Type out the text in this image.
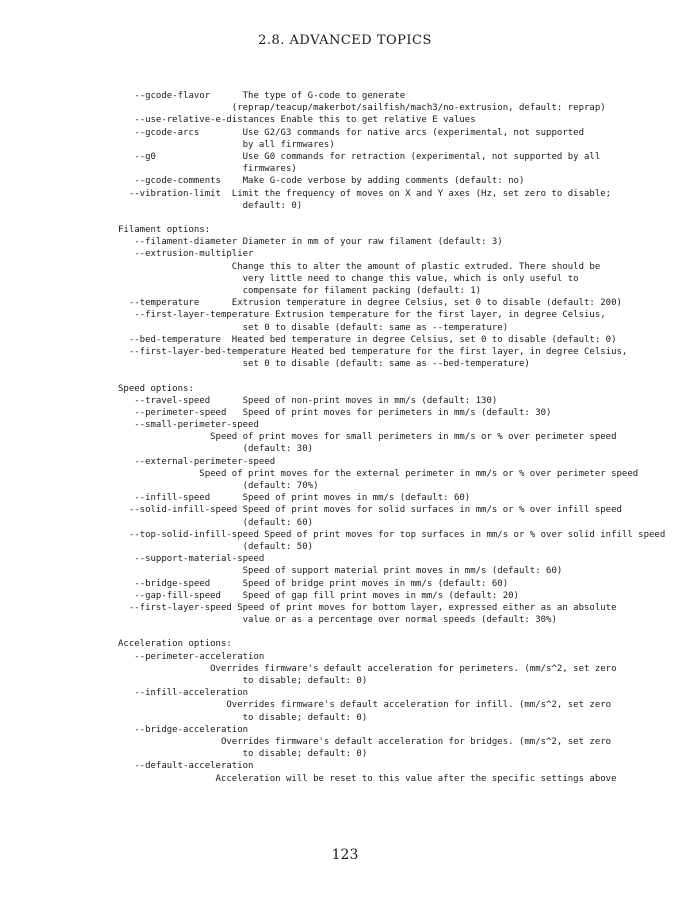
2.8. ADVANCED TOPICS
--gcode-flavor      The type of G-code to generate
(reprap/teacup/makerbot/sailfish/mach3/no-extrusion, default: reprap)
--use-relative-e-distances Enable this to get relative E values
--gcode-arcs        Use G2/G3 commands for native arcs (experimental, not supported
by all firmwares)
--g0                Use G0 commands for retraction (experimental, not supported by all
firmwares)
--gcode-comments    Make G-code verbose by adding comments (default: no)
--vibration-limit  Limit the frequency of moves on X and Y axes (Hz, set zero to disable;
default: 0)
Filament options:
--filament-diameter Diameter in mm of your raw filament (default: 3)
--extrusion-multiplier
Change this to alter the amount of plastic extruded. There should be
very little need to change this value, which is only useful to
compensate for filament packing (default: 1)
--temperature      Extrusion temperature in degree Celsius, set 0 to disable (default: 200)
--first-layer-temperature Extrusion temperature for the first layer, in degree Celsius,
set 0 to disable (default: same as --temperature)
--bed-temperature  Heated bed temperature in degree Celsius, set 0 to disable (default: 0)
--first-layer-bed-temperature Heated bed temperature for the first layer, in degree Celsius,
set 0 to disable (default: same as --bed-temperature)
Speed options:
--travel-speed      Speed of non-print moves in mm/s (default: 130)
--perimeter-speed   Speed of print moves for perimeters in mm/s (default: 30)
--small-perimeter-speed
Speed of print moves for small perimeters in mm/s or % over perimeter speed
(default: 30)
--external-perimeter-speed
Speed of print moves for the external perimeter in mm/s or % over perimeter speed
(default: 70%)
--infill-speed      Speed of print moves in mm/s (default: 60)
--solid-infill-speed Speed of print moves for solid surfaces in mm/s or % over infill speed
(default: 60)
--top-solid-infill-speed Speed of print moves for top surfaces in mm/s or % over solid infill speed
(default: 50)
--support-material-speed
Speed of support material print moves in mm/s (default: 60)
--bridge-speed      Speed of bridge print moves in mm/s (default: 60)
--gap-fill-speed    Speed of gap fill print moves in mm/s (default: 20)
--first-layer-speed Speed of print moves for bottom layer, expressed either as an absolute
value or as a percentage over normal speeds (default: 30%)
Acceleration options:
--perimeter-acceleration
Overrides firmware's default acceleration for perimeters. (mm/s^2, set zero
to disable; default: 0)
--infill-acceleration
Overrides firmware's default acceleration for infill. (mm/s^2, set zero
to disable; default: 0)
--bridge-acceleration
Overrides firmware's default acceleration for bridges. (mm/s^2, set zero
to disable; default: 0)
--default-acceleration
Acceleration will be reset to this value after the specific settings above
123
